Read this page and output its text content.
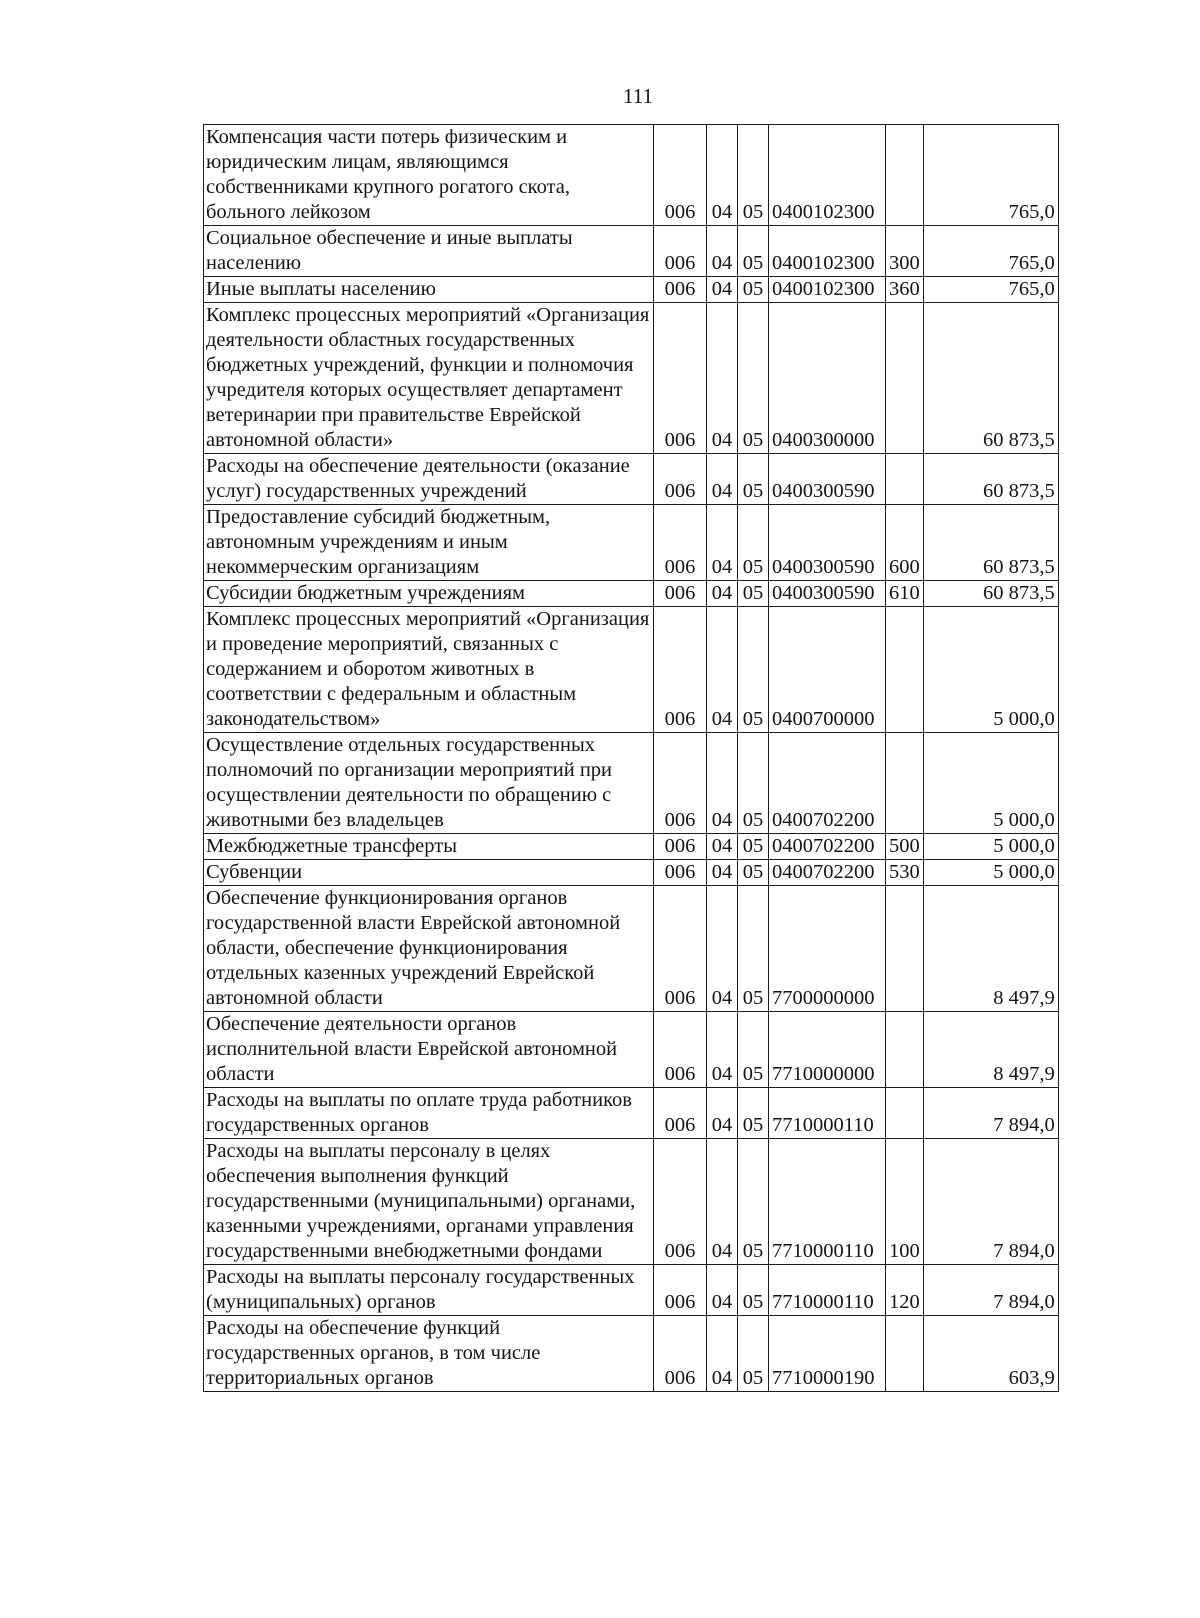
111
Компенсация части потерь физическим и юридическим лицам, являющимся собственниками крупного рогатого скота, больного лейкозом	006	04	05	0400102300		765,0
Социальное обеспечение и иные выплаты населению	006	04	05	0400102300	300	765,0
Иные выплаты населению	006	04	05	0400102300	360	765,0
Комплекс процессных мероприятий «Организация деятельности областных государственных бюджетных учреждений, функции и полномочия учредителя которых осуществляет департамент ветеринарии при правительстве Еврейской автономной области»	006	04	05	0400300000		60 873,5
Расходы на обеспечение деятельности (оказание услуг) государственных учреждений	006	04	05	0400300590		60 873,5
Предоставление субсидий бюджетным, автономным учреждениям и иным некоммерческим организациям	006	04	05	0400300590	600	60 873,5
Субсидии бюджетным учреждениям	006	04	05	0400300590	610	60 873,5
Комплекс процессных мероприятий «Организация и проведение мероприятий, связанных с содержанием и оборотом животных в соответствии с федеральным и областным законодательством»	006	04	05	0400700000		5 000,0
Осуществление отдельных государственных полномочий по организации мероприятий при осуществлении деятельности по обращению с животными без владельцев	006	04	05	0400702200		5 000,0
Межбюджетные трансферты	006	04	05	0400702200	500	5 000,0
Субвенции	006	04	05	0400702200	530	5 000,0
Обеспечение функционирования органов государственной власти Еврейской автономной области, обеспечение функционирования отдельных казенных учреждений Еврейской автономной области	006	04	05	7700000000		8 497,9
Обеспечение деятельности органов исполнительной власти Еврейской автономной области	006	04	05	7710000000		8 497,9
Расходы на выплаты по оплате труда работников государственных органов	006	04	05	7710000110		7 894,0
Расходы на выплаты персоналу в целях обеспечения выполнения функций государственными (муниципальными) органами, казенными учреждениями, органами управления государственными внебюджетными фондами	006	04	05	7710000110	100	7 894,0
Расходы на выплаты персоналу государственных (муниципальных) органов	006	04	05	7710000110	120	7 894,0
Расходы на обеспечение функций государственных органов, в том числе территориальных органов	006	04	05	7710000190		603,9
